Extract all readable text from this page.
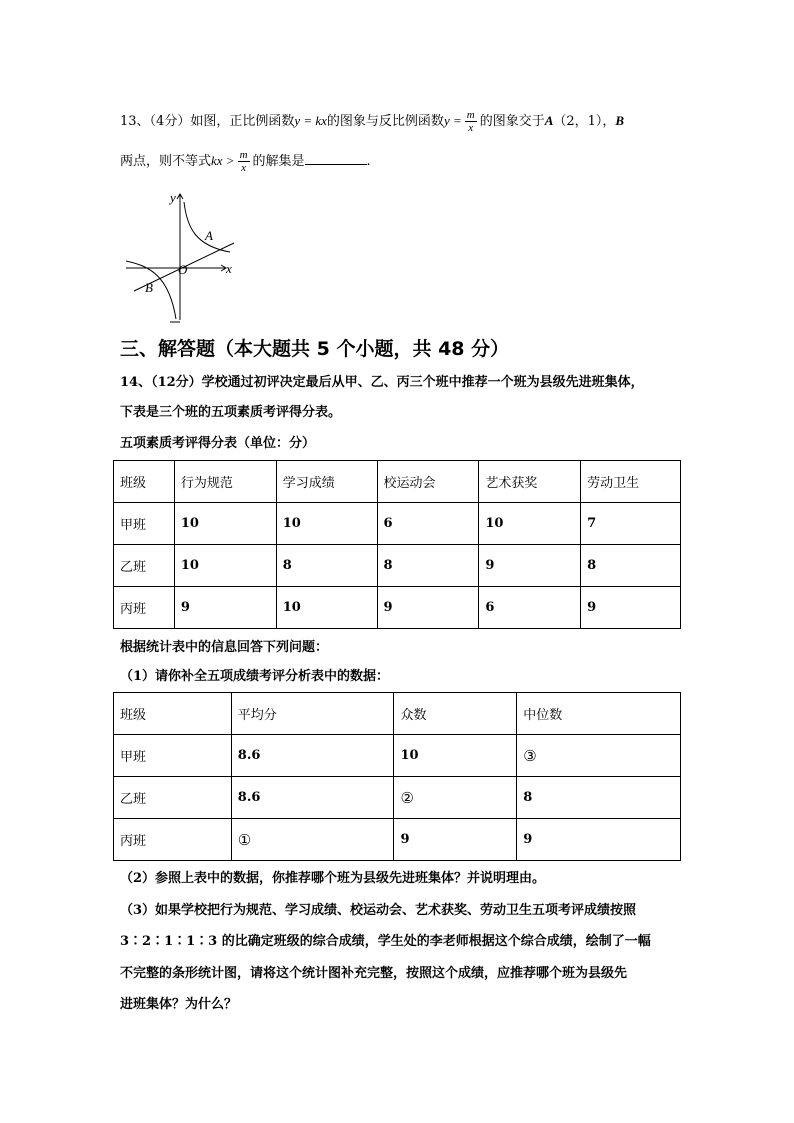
13、（4分）如图，正比例函数y = kx的图象与反比例函数$y = \frac{m}{x}$ 的图象交于A（2，1），B
两点，则不等式kx > $\frac{m}{x}$ 的解集是	.
y
x
O
A
B
三、解答题（本大题共 5 个小题，共 48 分）
14、（12分）学校通过初评决定最后从甲、乙、丙三个班中推荐一个班为县级先进班集体，
下表是三个班的五项素质考评得分表。
五项素质考评得分表（单位：分）
班级	行为规范	学习成绩	校运动会	艺术获奖	劳动卫生
甲班	10	10	6	10	7
乙班	10	8	8	9	8
丙班	9	10	9	6	9
根据统计表中的信息回答下列问题：
（1）请你补全五项成绩考评分析表中的数据：
班级	平均分	众数	中位数
甲班	8.6	10	③
乙班	8.6	②	8
丙班	①	9	9
（2）参照上表中的数据，你推荐哪个班为县级先进班集体？并说明理由。
（3）如果学校把行为规范、学习成绩、校运动会、艺术获奖、劳动卫生五项考评成绩按照
3∶2∶1∶1∶3 的比确定班级的综合成绩，学生处的李老师根据这个综合成绩，绘制了一幅
不完整的条形统计图，请将这个统计图补充完整，按照这个成绩，应推荐哪个班为县级先
进班集体？为什么？
